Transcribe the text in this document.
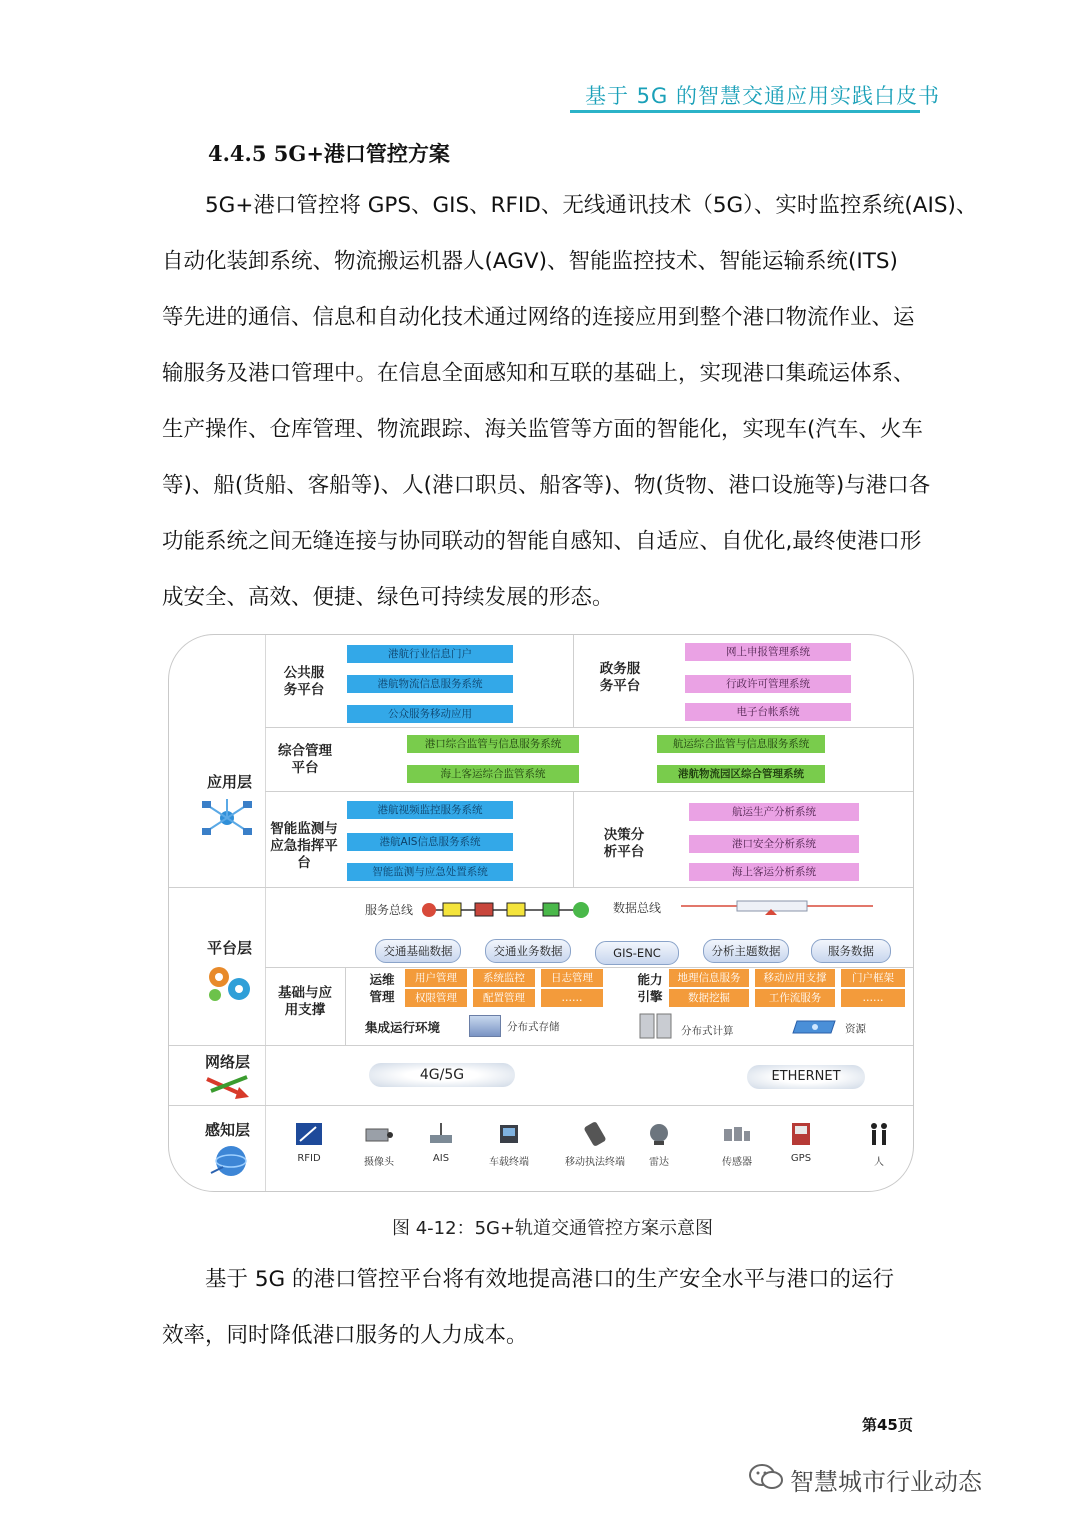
基于 5G 的智慧交通应用实践白皮书
4.4.5 5G+港口管控方案

　　5G+港口管控将 GPS、GIS、RFID、无线通讯技术（5G）、实时监控系统(AIS)、

自动化装卸系统、物流搬运机器人(AGV)、智能监控技术、智能运输系统(ITS)

等先进的通信、信息和自动化技术通过网络的连接应用到整个港口物流作业、运

输服务及港口管理中。在信息全面感知和互联的基础上，实现港口集疏运体系、

生产操作、仓库管理、物流跟踪、海关监管等方面的智能化，实现车(汽车、火车

等)、船(货船、客船等)、人(港口职员、船客等)、物(货物、港口设施等)与港口各

功能系统之间无缝连接与协同联动的智能自感知、自适应、自优化,最终使港口形

成安全、高效、便捷、绿色可持续发展的形态。

应用层
平台层
网络层
感知层
公共服务平台
港航行业信息门户
港航物流信息服务系统
公众服务移动应用
政务服务平台
网上申报管理系统
行政许可管理系统
电子台帐系统
综合管理平台
港口综合监管与信息服务系统	航运综合监管与信息服务系统
海上客运综合监管系统	港航物流园区综合管理系统
智能监测与应急指挥平台
港航视频监控服务系统
港航AIS信息服务系统
智能监测与应急处置系统
决策分析平台
航运生产分析系统
港口安全分析系统
海上客运分析系统
服务总线	数据总线
交通基础数据	交通业务数据	GIS-ENC	分析主题数据	服务数据
基础与应用支撑
运维管理
用户管理	系统监控	日志管理
权限管理	配置管理	……
能力引擎
地理信息服务	移动应用支撑	门户框架
数据挖掘	工作流服务	……
集成运行环境	分布式存储	分布式计算	资源
4G/5G	ETHERNET
RFID	摄像头	AIS	车载终端	移动执法终端	雷达	传感器	GPS	人
图 4-12：5G+轨道交通管控方案示意图

　　基于 5G 的港口管控平台将有效地提高港口的生产安全水平与港口的运行

效率，同时降低港口服务的人力成本。

第45页
智慧城市行业动态
